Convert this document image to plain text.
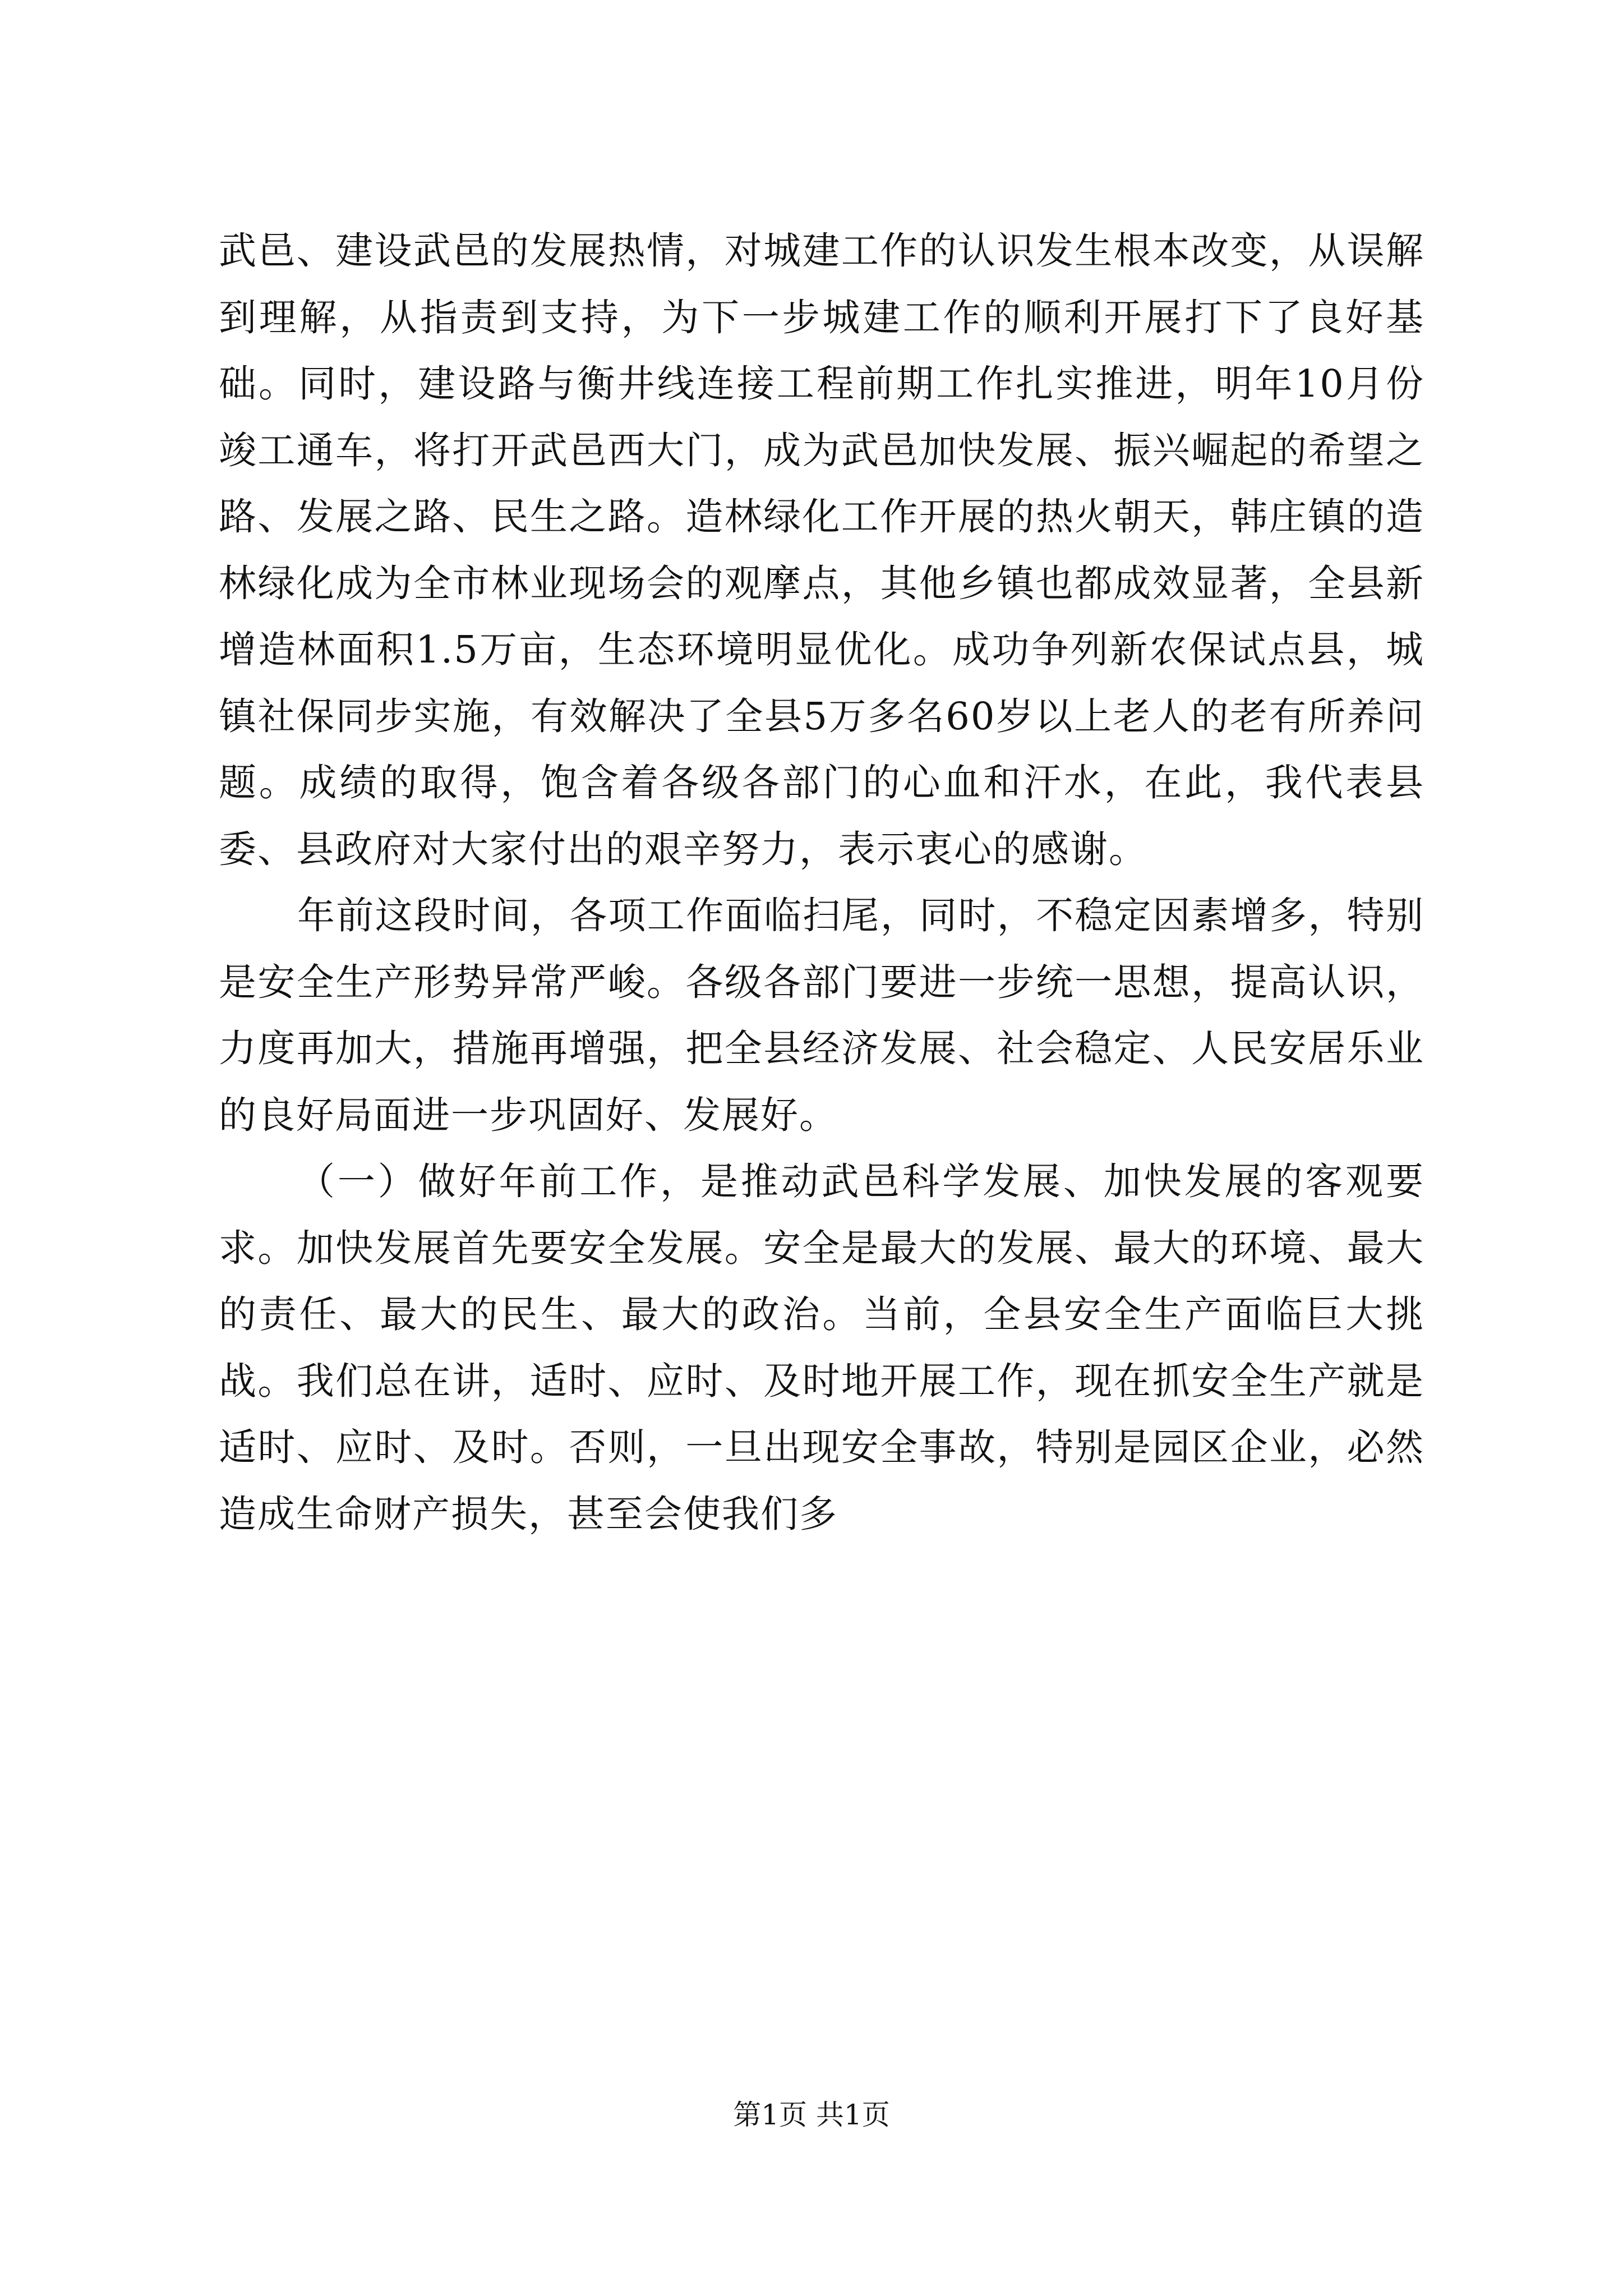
武邑、建设武邑的发展热情，对城建工作的认识发生根本改变，从误解到理解，从指责到支持，为下一步城建工作的顺利开展打下了良好基础。同时，建设路与衡井线连接工程前期工作扎实推进，明年10月份竣工通车，将打开武邑西大门，成为武邑加快发展、振兴崛起的希望之路、发展之路、民生之路。造林绿化工作开展的热火朝天，韩庄镇的造林绿化成为全市林业现场会的观摩点，其他乡镇也都成效显著，全县新增造林面积1.5万亩，生态环境明显优化。成功争列新农保试点县，城镇社保同步实施，有效解决了全县5万多名60岁以上老人的老有所养问题。成绩的取得，饱含着各级各部门的心血和汗水，在此，我代表县委、县政府对大家付出的艰辛努力，表示衷心的感谢。

年前这段时间，各项工作面临扫尾，同时，不稳定因素增多，特别是安全生产形势异常严峻。各级各部门要进一步统一思想，提高认识，力度再加大，措施再增强，把全县经济发展、社会稳定、人民安居乐业的良好局面进一步巩固好、发展好。

（一）做好年前工作，是推动武邑科学发展、加快发展的客观要求。加快发展首先要安全发展。安全是最大的发展、最大的环境、最大的责任、最大的民生、最大的政治。当前，全县安全生产面临巨大挑战。我们总在讲，适时、应时、及时地开展工作，现在抓安全生产就是适时、应时、及时。否则，一旦出现安全事故，特别是园区企业，必然造成生命财产损失，甚至会使我们多

第1页 共1页
